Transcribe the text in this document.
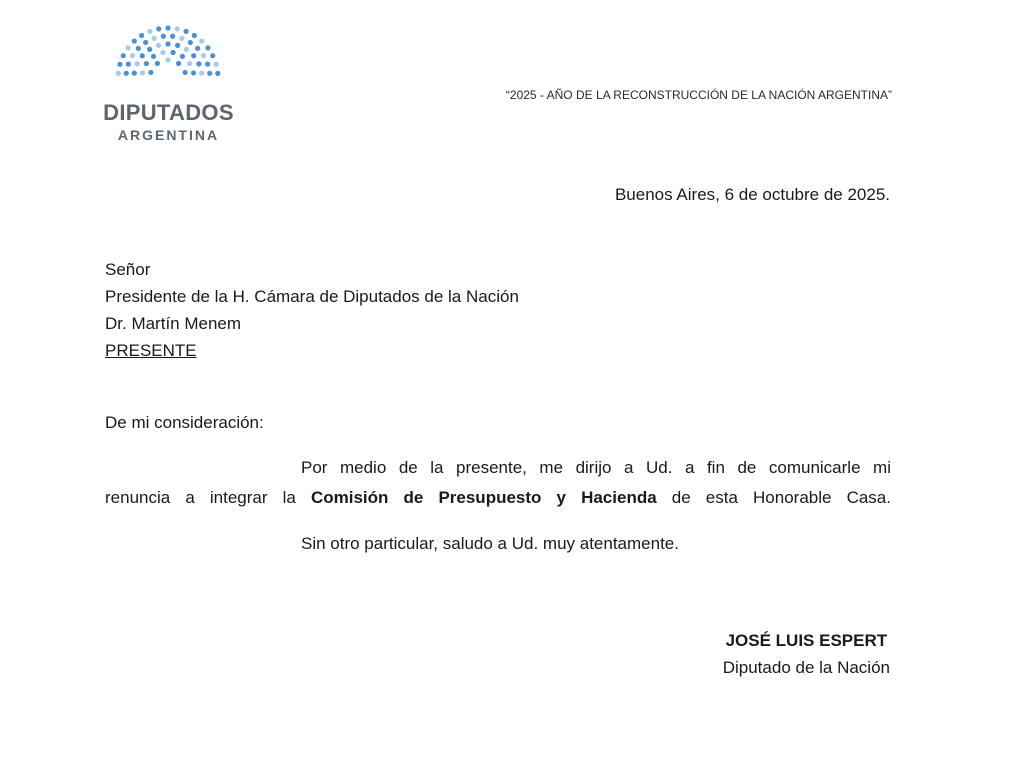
DIPUTADOS
ARGENTINA
“2025 - AÑO DE LA RECONSTRUCCIÓN DE LA NACIÓN ARGENTINA”
Buenos Aires, 6 de octubre de 2025.
Señor
Presidente de la H. Cámara de Diputados de la Nación
Dr. Martín Menem
PRESENTE
De mi consideración:
Por medio de la presente, me dirijo a Ud. a fin de comunicarle mi
renuncia a integrar la Comisión de Presupuesto y Hacienda de esta Honorable Casa.
Sin otro particular, saludo a Ud. muy atentamente.
JOSÉ LUIS ESPERT
Diputado de la Nación
